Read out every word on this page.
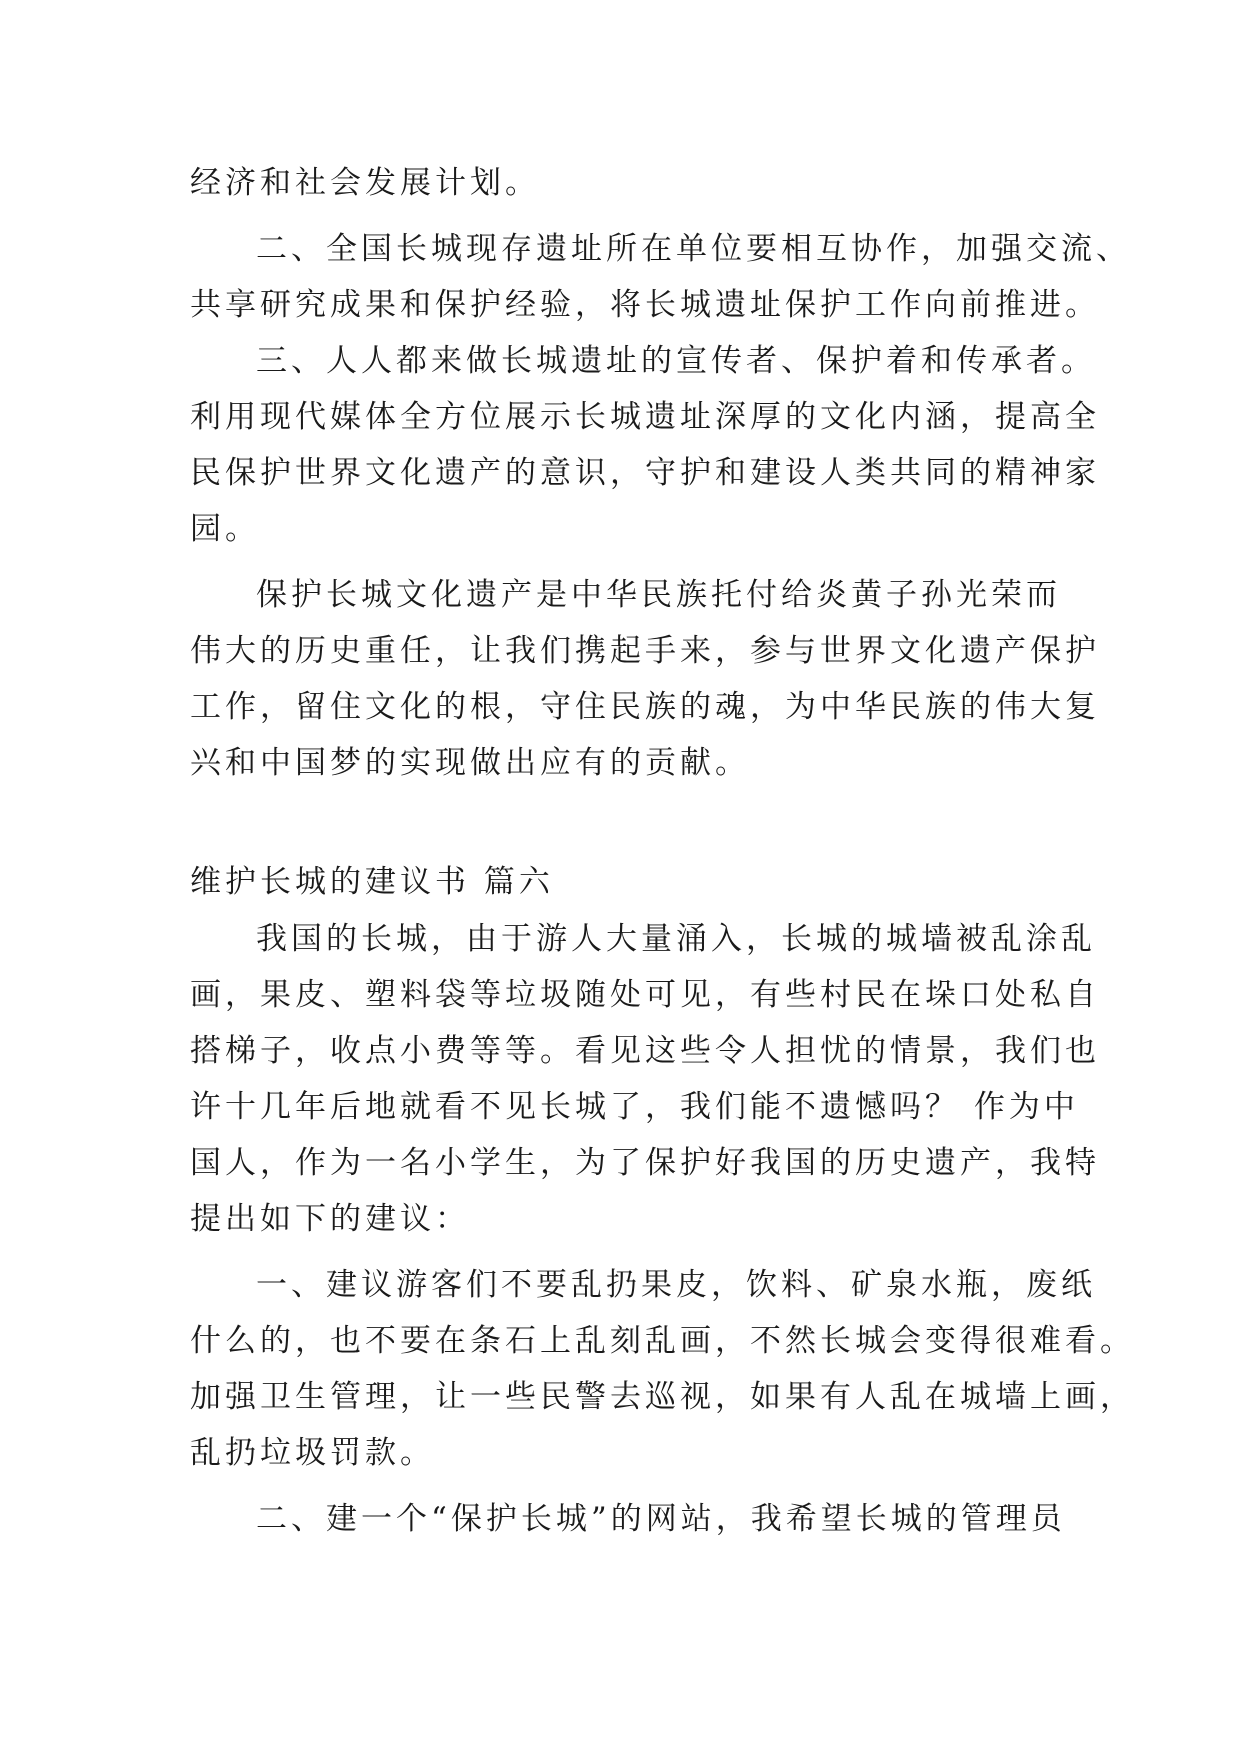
经济和社会发展计划。
二、全国长城现存遗址所在单位要相互协作，加强交流、
共享研究成果和保护经验，将长城遗址保护工作向前推进。
三、人人都来做长城遗址的宣传者、保护着和传承者。
利用现代媒体全方位展示长城遗址深厚的文化内涵，提高全
民保护世界文化遗产的意识，守护和建设人类共同的精神家
园。
保护长城文化遗产是中华民族托付给炎黄子孙光荣而
伟大的历史重任，让我们携起手来，参与世界文化遗产保护
工作，留住文化的根，守住民族的魂，为中华民族的伟大复
兴和中国梦的实现做出应有的贡献。
维护长城的建议书 篇六
我国的长城，由于游人大量涌入，长城的城墙被乱涂乱
画，果皮、塑料袋等垃圾随处可见，有些村民在垛口处私自
搭梯子，收点小费等等。看见这些令人担忧的情景，我们也
许十几年后地就看不见长城了，我们能不遗憾吗？ 作为中
国人，作为一名小学生，为了保护好我国的历史遗产，我特
提出如下的建议：
一、建议游客们不要乱扔果皮，饮料、矿泉水瓶，废纸
什么的，也不要在条石上乱刻乱画，不然长城会变得很难看。
加强卫生管理，让一些民警去巡视，如果有人乱在城墙上画，
乱扔垃圾罚款。
二、建一个“保护长城”的网站，我希望长城的管理员
